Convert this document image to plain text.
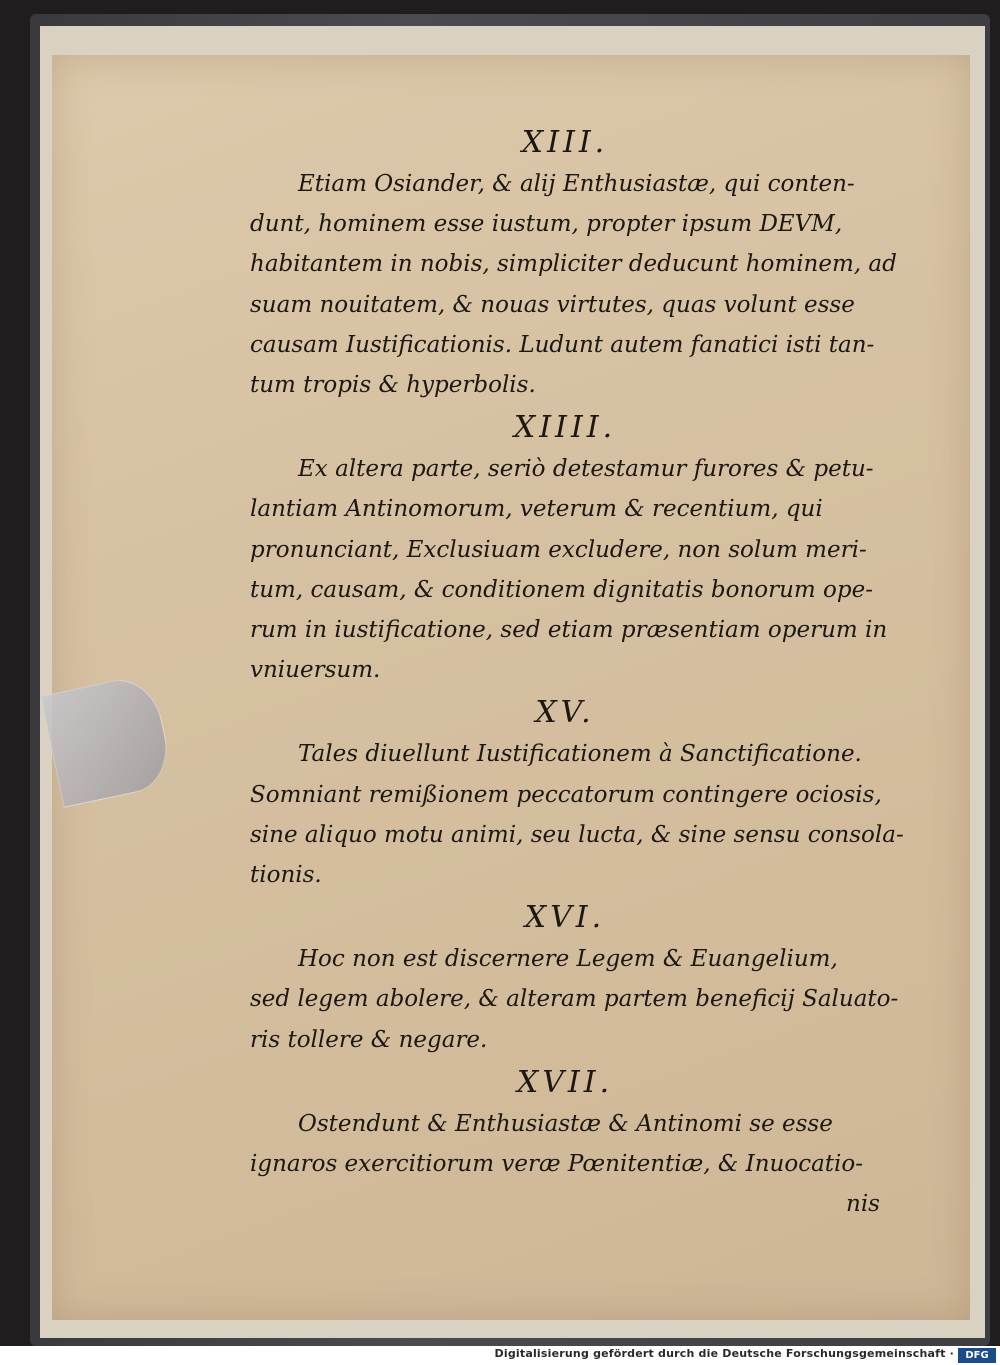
XIII.
Etiam Osiander, & alij Enthusiastæ, qui conten-
dunt, hominem esse iustum, propter ipsum DEVM,
habitantem in nobis, simpliciter deducunt hominem, ad
suam nouitatem, & nouas virtutes, quas volunt esse
causam Iustificationis. Ludunt autem fanatici isti tan-
tum tropis & hyperbolis.
XIIII.
Ex altera parte, seriò detestamur furores & petu-
lantiam Antinomorum, veterum & recentium, qui
pronunciant, Exclusiuam excludere, non solum meri-
tum, causam, & conditionem dignitatis bonorum ope-
rum in iustificatione, sed etiam præsentiam operum in
vniuersum.
XV.
Tales diuellunt Iustificationem à Sanctificatione.
Somniant remißionem peccatorum contingere ociosis,
sine aliquo motu animi, seu lucta, & sine sensu consola-
tionis.
XVI.
Hoc non est discernere Legem & Euangelium,
sed legem abolere, & alteram partem beneficij Saluato-
ris tollere & negare.
XVII.
Ostendunt & Enthusiastæ & Antinomi se esse
ignaros exercitiorum veræ Pœnitentiæ, & Inuocatio-
nis
Digitalisierung gefördert durch die Deutsche Forschungsgemeinschaft ·	DFG
